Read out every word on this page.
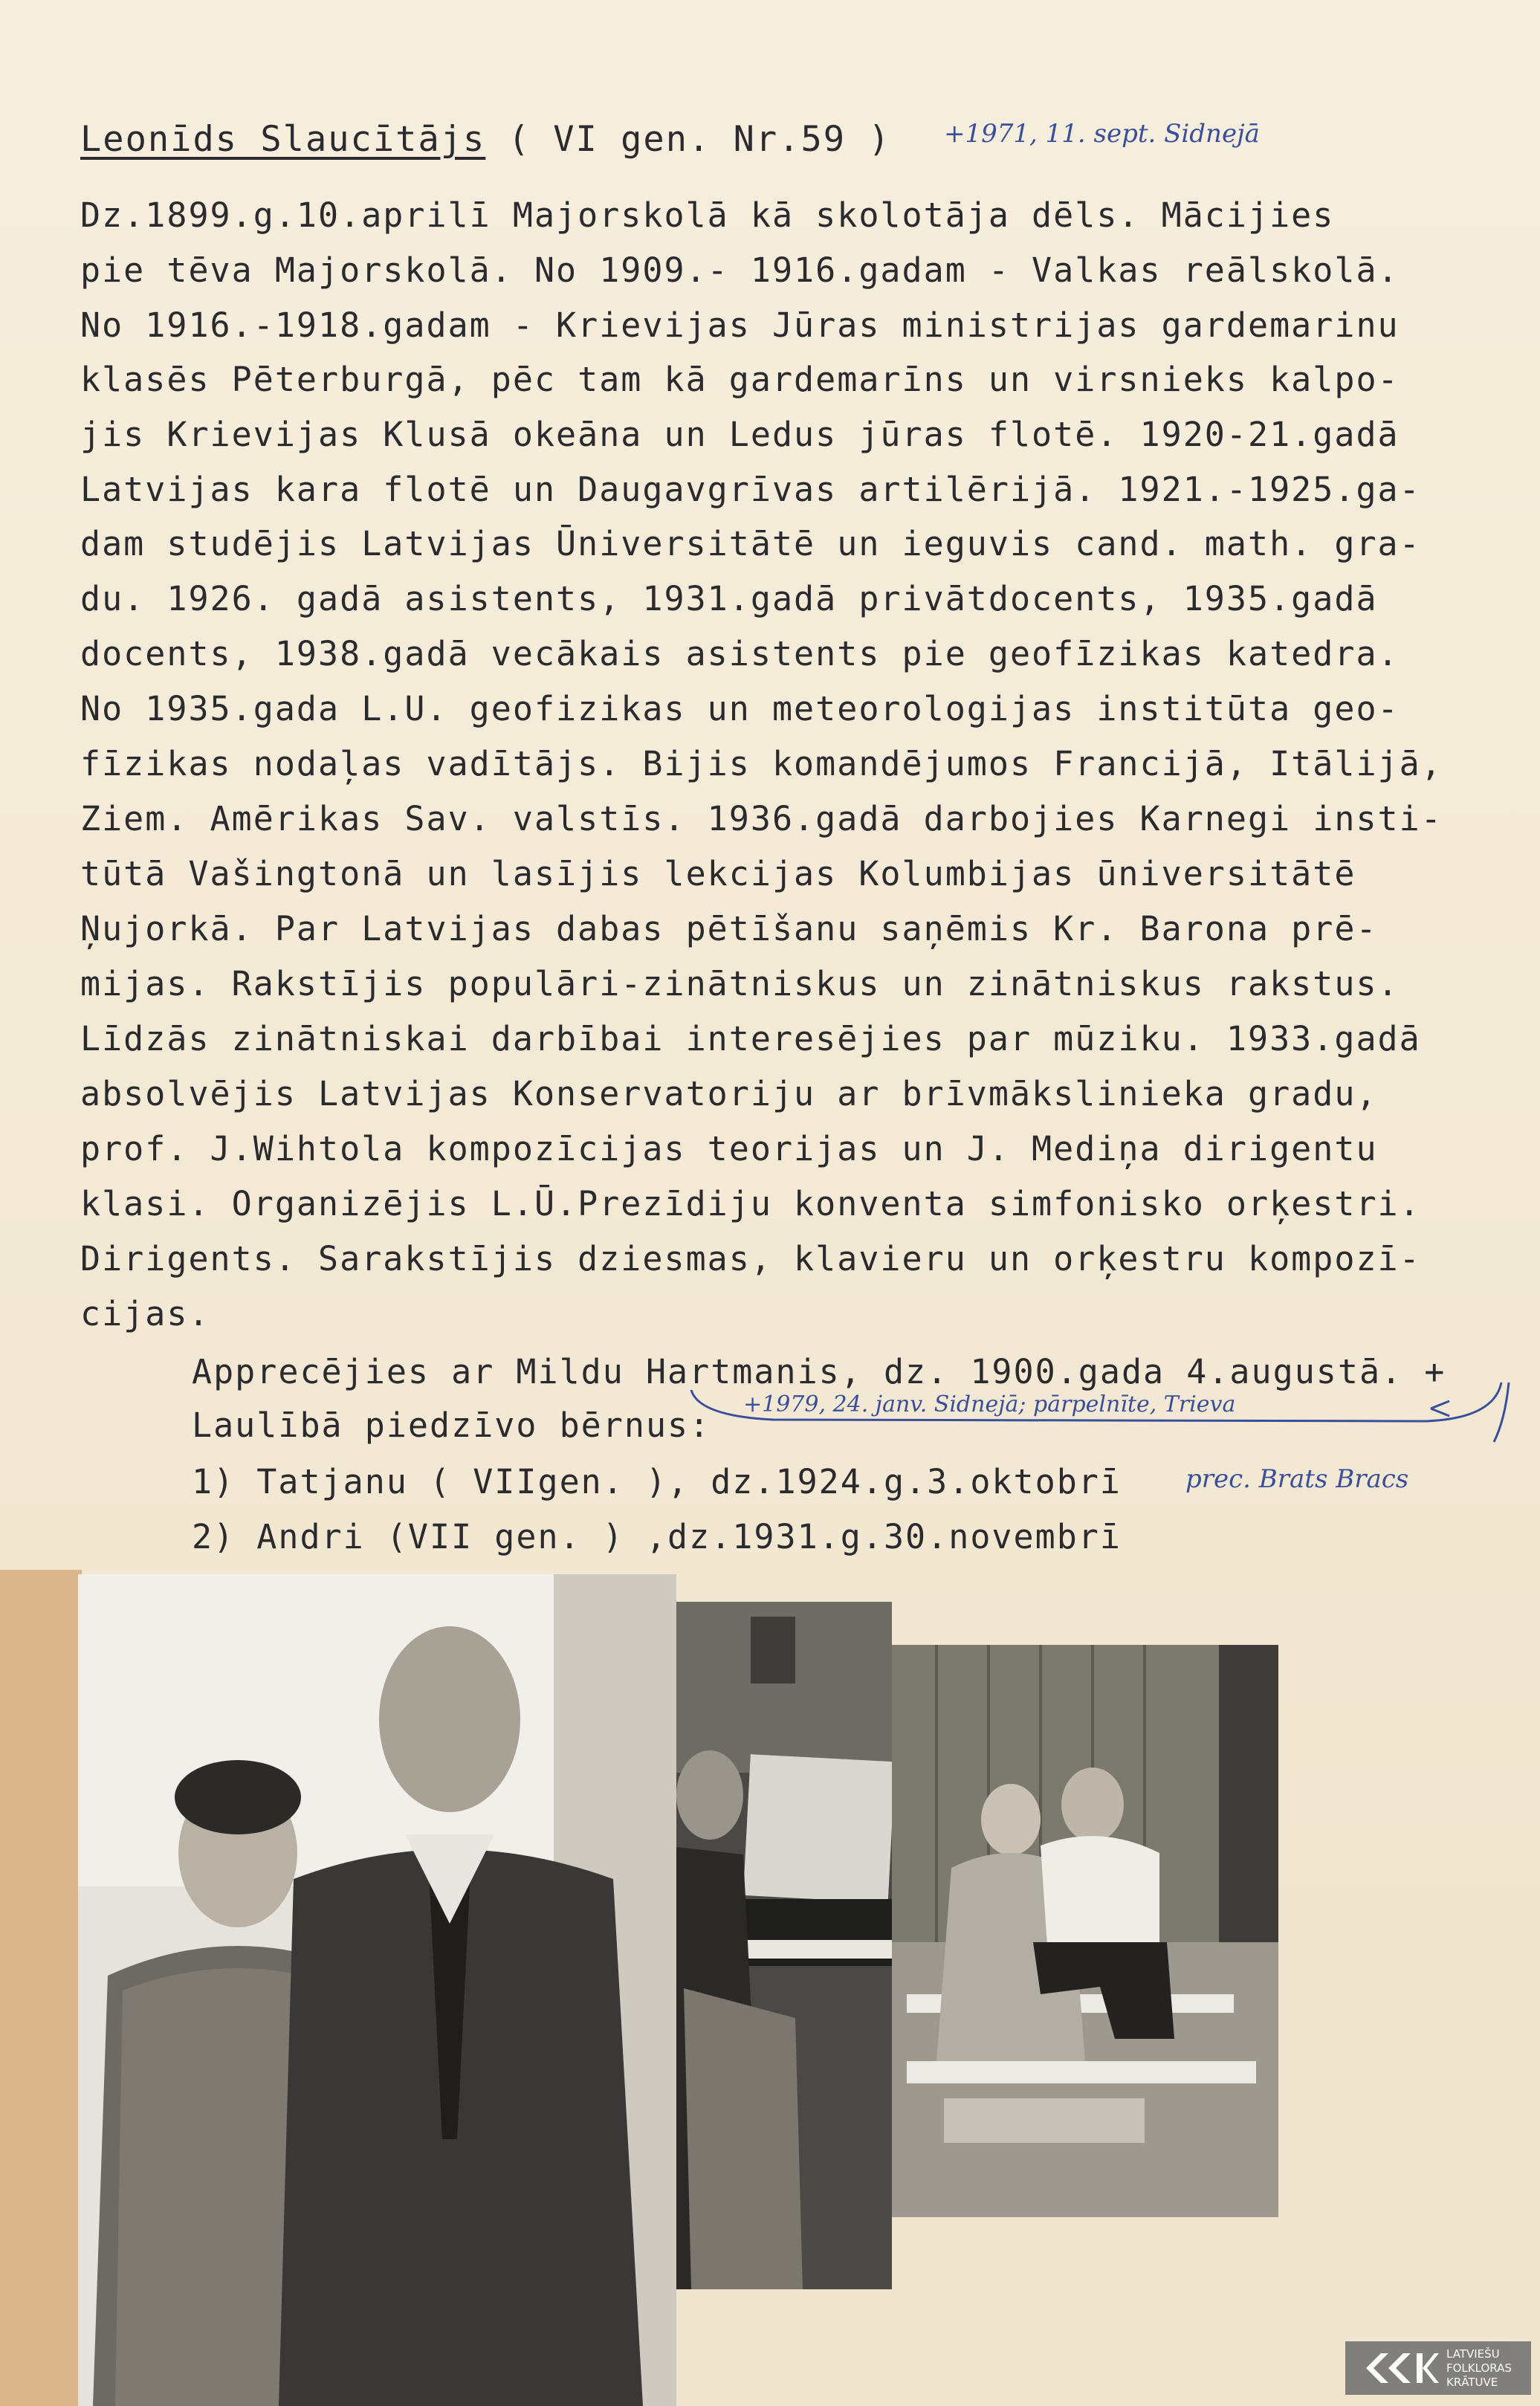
Leonīds Slaucītājs ( VI gen. Nr.59 ) +1971, 11. sept. Sidnejā
Dz.1899.g.10.aprilī Majorskolā kā skolotāja dēls. Mācijies
pie tēva Majorskolā. No 1909.- 1916.gadam - Valkas reālskolā.
No 1916.-1918.gadam - Krievijas Jūras ministrijas gardemarinu
klasēs Pēterburgā, pēc tam kā gardemarīns un virsnieks kalpo-
jis Krievijas Klusā okeāna un Ledus jūras flotē. 1920-21.gadā
Latvijas kara flotē un Daugavgrīvas artilērijā. 1921.-1925.ga-
dam studējis Latvijas Ūniversitātē un ieguvis cand. math. gra-
du. 1926. gadā asistents, 1931.gadā privātdocents, 1935.gadā
docents, 1938.gadā vecākais asistents pie geofīzikas katedra.
No 1935.gada L.U. geofizikas un meteorologijas institūta geo-
fīzikas nodaļas vadītājs. Bijis komandējumos Francijā, Itālijā,
Ziem. Amērikas Sav. valstīs. 1936.gadā darbojies Karnegi insti-
tūtā Vašingtonā un lasījis lekcijas Kolumbijas ūniversitātē
Ņujorkā. Par Latvijas dabas pētīšanu saņēmis Kr. Barona prē-
mijas. Rakstījis populāri-zinātniskus un zinātniskus rakstus.
Līdzās zinātniskai darbībai interesējies par mūziku. 1933.gadā
absolvējis Latvijas Konservatoriju ar brīvmākslinieka gradu,
prof. J.Wihtola kompozīcijas teorijas un J. Mediņa dirigentu
klasi. Organizējis L.Ū.Prezīdiju konventa simfonisko orķestri.
Dirigents. Sarakstījis dziesmas, klavieru un orķestru kompozī-
cijas.
Apprecējies ar Mildu Hartmanis, dz. 1900.gada 4.augustā. +
+1979, 24. janv. Sidnejā; pārpelnīte, Trieva
Laulībā piedzīvo bērnus:
1) Tatjanu ( VIIgen. ), dz.1924.g.3.oktobrī	prec. Brats Bracs
2) Andri (VII gen. ) ,dz.1931.g.30.novembrī
LATVIEŠU
FOLKLORAS
KRĀTUVE
